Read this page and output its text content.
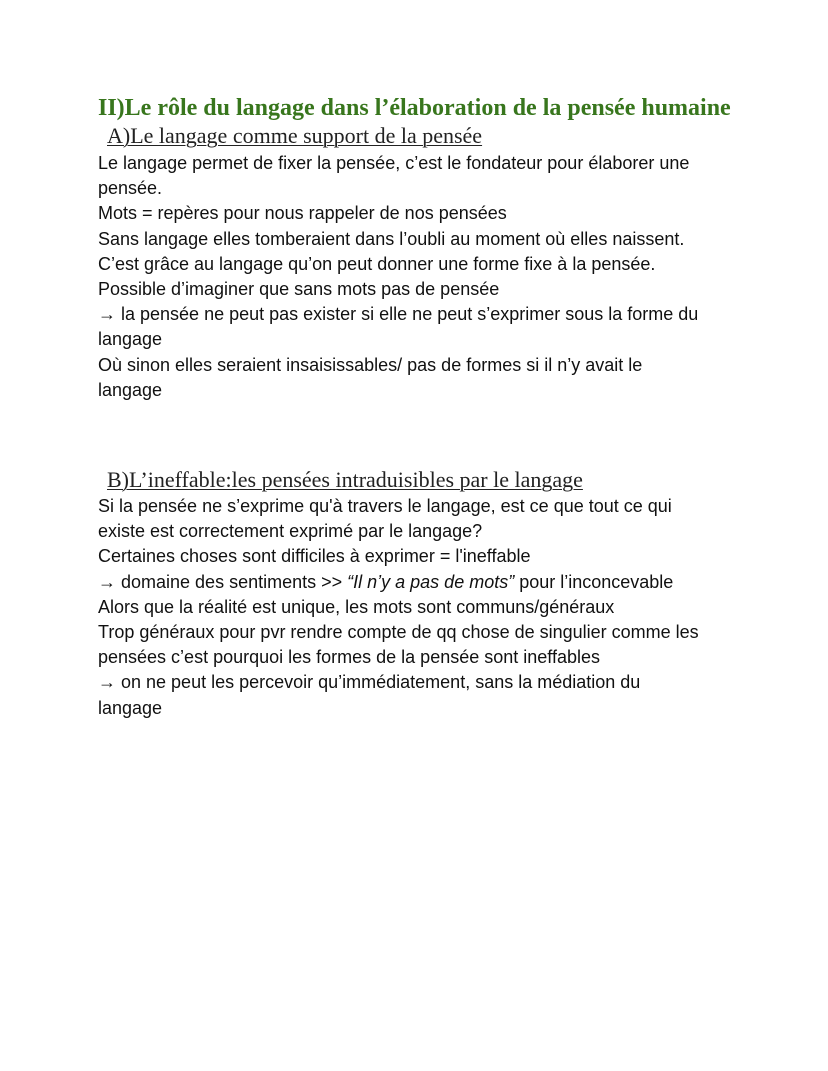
II)Le rôle du langage dans l’élaboration de la pensée humaine
A)Le langage comme support de la pensée
Le langage permet de fixer la pensée, c’est le fondateur pour élaborer une
pensée.
Mots = repères pour nous rappeler de nos pensées
Sans langage elles tomberaient dans l’oubli au moment où elles naissent.
C’est grâce au langage qu’on peut donner une forme fixe à la pensée.
Possible d’imaginer que sans mots pas de pensée
→ la pensée ne peut pas exister si elle ne peut s’exprimer sous la forme du
langage
Où sinon elles seraient insaisissables/ pas de formes si il n’y avait le
langage
B)L’ineffable:les pensées intraduisibles par le langage
Si la pensée ne s’exprime qu'à travers le langage, est ce que tout ce qui
existe est correctement exprimé par le langage?
Certaines choses sont difficiles à exprimer = l'ineffable
→ domaine des sentiments >> “Il n’y a pas de mots” pour l’inconcevable
Alors que la réalité est unique, les mots sont communs/généraux
Trop généraux pour pvr rendre compte de qq chose de singulier comme les
pensées c’est pourquoi les formes de la pensée sont ineffables
→ on ne peut les percevoir qu’immédiatement, sans la médiation du
langage
